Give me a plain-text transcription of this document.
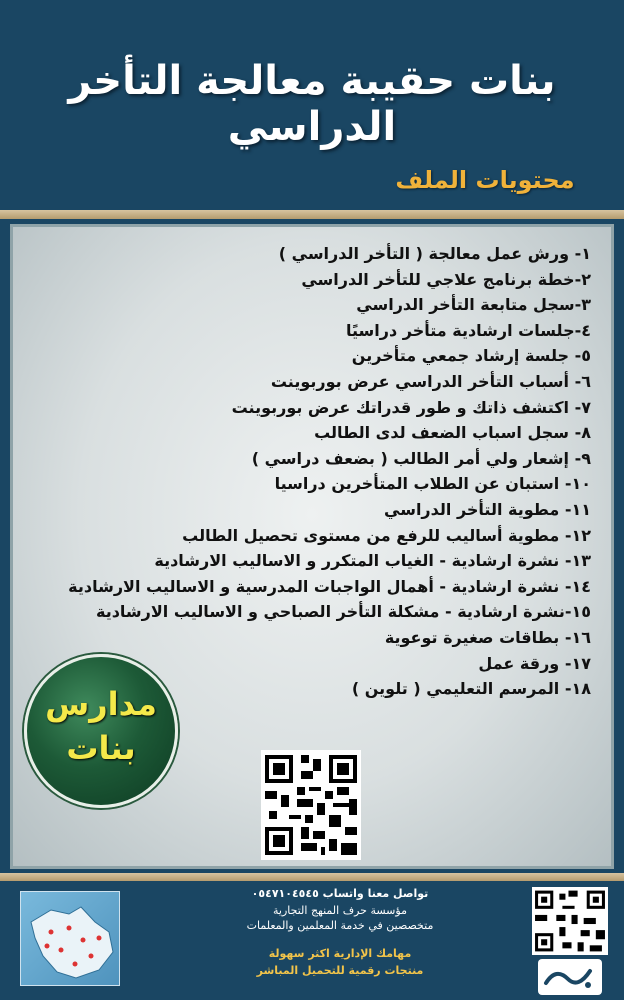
بنات حقيبة معالجة التأخر الدراسي
محتويات الملف
١- ورش عمل معالجة ( التأخر الدراسي )
٢-خطة برنامج علاجي للتأخر الدراسي
٣-سجل متابعة التأخر الدراسي
٤-جلسات ارشادية متأخر دراسيًا
٥- جلسة إرشاد جمعي متأخرين
٦- أسباب التأخر الدراسي عرض بوربوينت
٧- اكتشف ذاتك و طور قدراتك عرض بوربوينت
٨- سجل اسباب الضعف لدى الطالب
٩- إشعار ولي أمر الطالب ( بضعف دراسي )
١٠- استبان عن الطلاب المتأخرين دراسيا
١١- مطوية التأخر الدراسي
١٢- مطوية أساليب للرفع من مستوى تحصيل الطالب
١٣- نشرة ارشادية - الغياب المتكرر و الاساليب الارشادية
١٤- نشرة ارشادية - أهمال الواجبات المدرسية و الاساليب الارشادية
١٥-نشرة ارشادية - مشكلة التأخر الصباحي و الاساليب الارشادية
١٦- بطاقات صغيرة توعوية
١٧- ورقة عمل
١٨- المرسم التعليمي ( تلوين )
مدارس
بنات
تواصل معنا واتساب ٠٥٤٧١٠٤٥٤٥
مؤسسة حرف المنهج التجارية
متخصصين في خدمة المعلمين والمعلمات
مهامك الإدارية اكثر سهولة
منتجات رقمية للتحميل المباشر
